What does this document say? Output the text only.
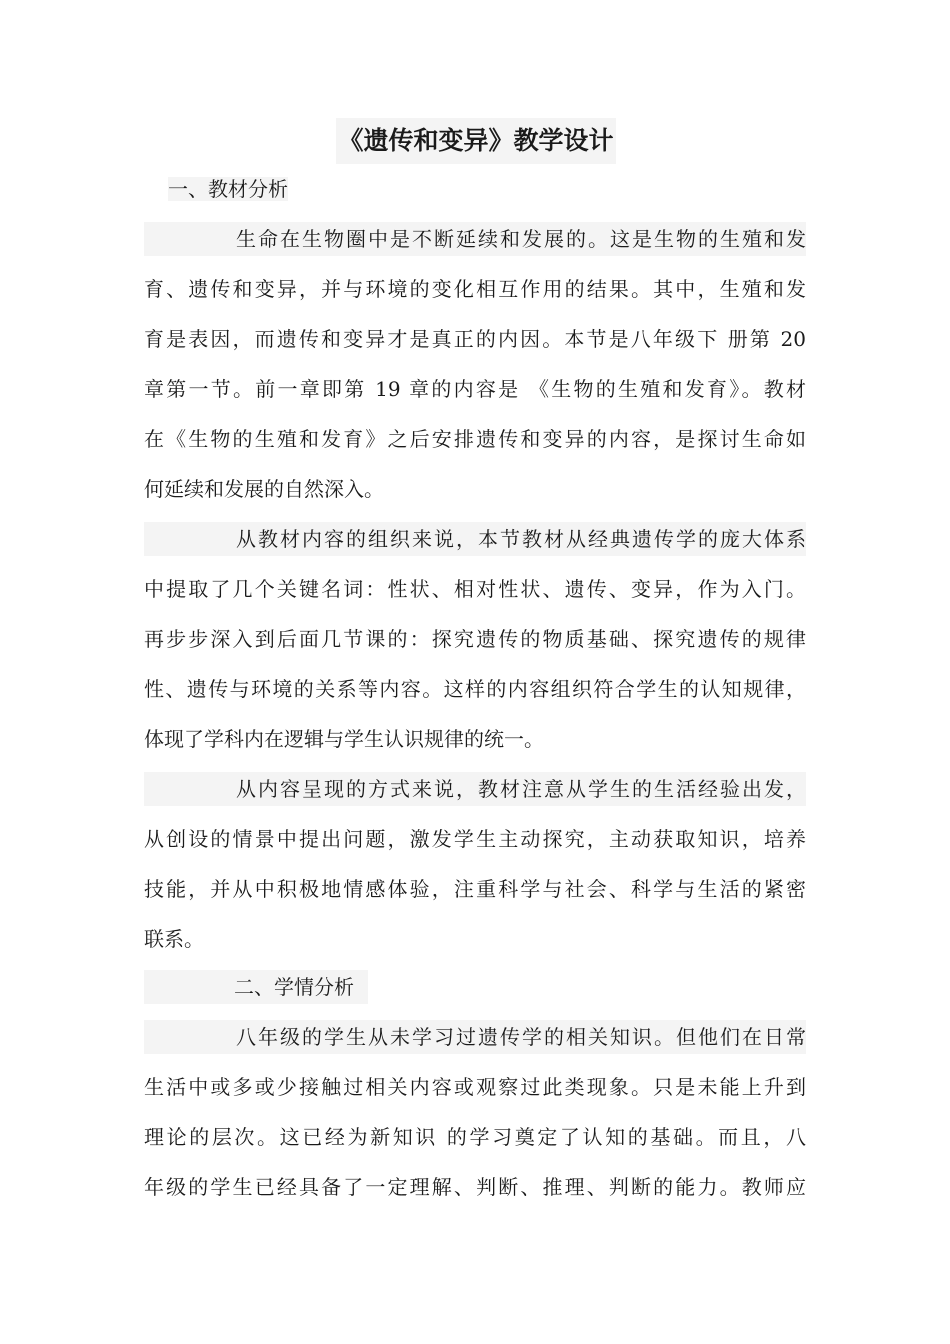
《遗传和变异》教学设计
一、教材分析
生命在生物圈中是不断延续和发展的。这是生物的生殖和发
育、遗传和变异，并与环境的变化相互作用的结果。其中，生殖和发
育是表因，而遗传和变异才是真正的内因。本节是八年级下 册第 20
章第一节。前一章即第 19 章的内容是 《生物的生殖和发育》。教材
在《生物的生殖和发育》之后安排遗传和变异的内容，是探讨生命如
何延续和发展的自然深入。
从教材内容的组织来说，本节教材从经典遗传学的庞大体系
中提取了几个关键名词：性状、相对性状、遗传、变异，作为入门。
再步步深入到后面几节课的：探究遗传的物质基础、探究遗传的规律
性、遗传与环境的关系等内容。这样的内容组织符合学生的认知规律，
体现了学科内在逻辑与学生认识规律的统一。
从内容呈现的方式来说，教材注意从学生的生活经验出发，
从创设的情景中提出问题，激发学生主动探究，主动获取知识，培养
技能，并从中积极地情感体验，注重科学与社会、科学与生活的紧密
联系。
二、学情分析
八年级的学生从未学习过遗传学的相关知识。但他们在日常
生活中或多或少接触过相关内容或观察过此类现象。只是未能上升到
理论的层次。这已经为新知识 的学习奠定了认知的基础。而且，八
年级的学生已经具备了一定理解、判断、推理、判断的能力。教师应
